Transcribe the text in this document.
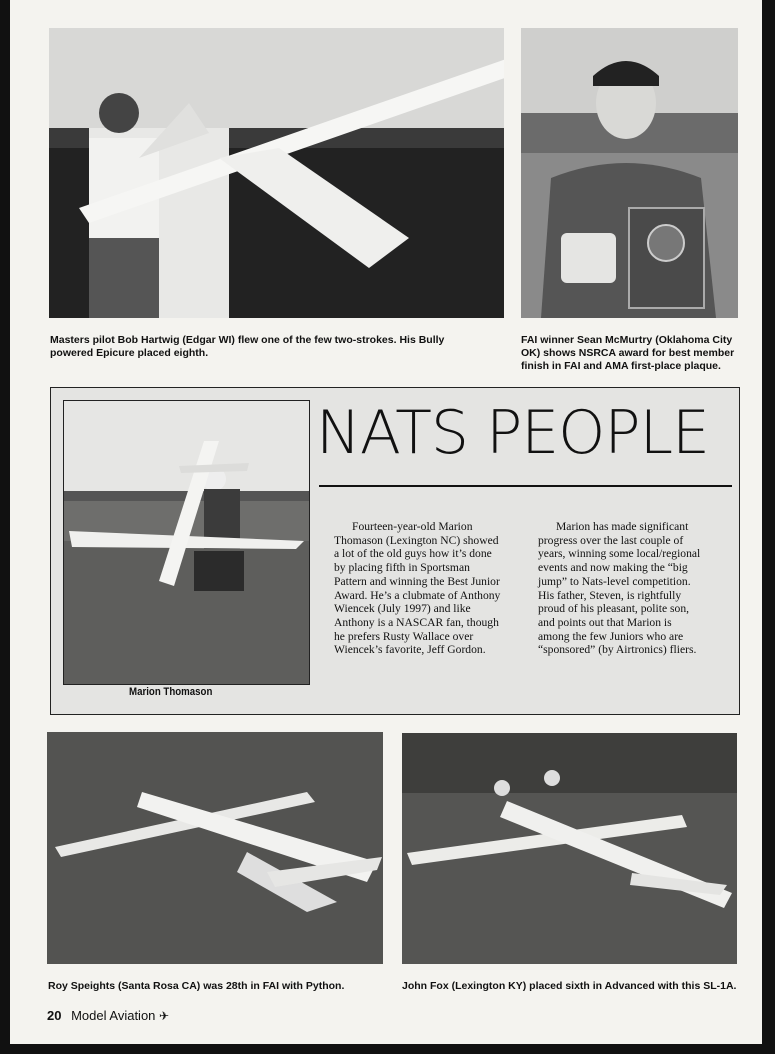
Masters pilot Bob Hartwig (Edgar WI) flew one of the few two-strokes. His Bully powered Epicure placed eighth.
FAI winner Sean McMurtry (Oklahoma City OK) shows NSRCA award for best member finish in FAI and AMA first-place plaque.
Marion Thomason
NATS PEOPLE

Fourteen-year-old Marion Thomason (Lexington NC) showed a lot of the old guys how it’s done by placing fifth in Sportsman Pattern and winning the Best Junior Award. He’s a clubmate of Anthony Wiencek (July 1997) and like Anthony is a NASCAR fan, though he prefers Rusty Wallace over Wiencek’s favorite, Jeff Gordon.

Marion has made significant progress over the last couple of years, winning some local/regional events and now making the “big jump” to Nats-level competition. His father, Steven, is rightfully proud of his pleasant, polite son, and points out that Marion is among the few Juniors who are “sponsored” (by Airtronics) fliers.

Roy Speights (Santa Rosa CA) was 28th in FAI with Python.	John Fox (Lexington KY) placed sixth in Advanced with this SL-1A.
20 Model Aviation ✈
